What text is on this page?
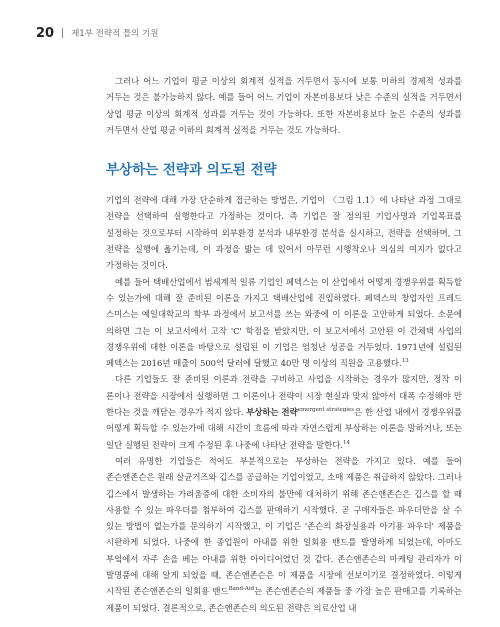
20 제1부 전략적 틀의 기원

그러나 어느 기업이 평균 이상의 회계적 실적을 거두면서 동시에 보통 이하의 경제적 성과를 거두는 것은 불가능하지 않다. 예를 들어 어느 기업이 자본비용보다 낮은 수준의 실적을 거두면서 상업 평균 이상의 회계적 성과를 거두는 것이 가능하다. 또한 자본비용보다 높은 수준의 성과를 거두면서 산업 평균 이하의 회계적 실적을 거두는 것도 가능하다.

부상하는 전략과 의도된 전략

기업의 전략에 대해 가장 단순하게 접근하는 방법은, 기업이 〈그림 1.1〉에 나타난 과정 그대로 전략을 선택하여 실행한다고 가정하는 것이다. 즉 기업은 잘 정의된 기업사명과 기업목표를 설정하는 것으로부터 시작하여 외부환경 분석과 내부환경 분석을 실시하고, 전략을 선택하며, 그 전략을 실행에 옮기는데, 이 과정을 밟는 데 있어서 아무런 시행착오나 의심의 여지가 없다고 가정하는 것이다.

예를 들어 택배산업에서 범세계적 일류 기업인 페덱스는 이 산업에서 어떻게 경쟁우위를 획득할 수 있는가에 대해 잘 준비된 이론을 가지고 택배산업에 진입하였다. 페덱스의 창업자인 프레드 스미스는 예일대학교의 학부 과정에서 보고서를 쓰는 와중에 이 이론을 고안하게 되었다. 소문에 의하면 그는 이 보고서에서 고작 'C' 학점을 받았지만, 이 보고서에서 고안된 이 간체택 사업의 경쟁우위에 대한 이론을 바탕으로 설립된 이 기업은 엄청난 성공을 거두었다. 1971년에 설립된 페덱스는 2016년 매출이 500억 달러에 달했고 40만 명 이상의 직원을 고용했다.$^{13}$

다른 기업들도 잘 준비된 이론과 전략을 구비하고 사업을 시작하는 경우가 많지만, 정작 이 론이나 전략을 시장에서 실행하면 그 이론이나 전략이 시장 현실과 맞지 않아서 대폭 수정해야 만 한다는 것을 깨닫는 경우가 적지 않다. 부상하는 전략$^{emergent strategies}$은 한 산업 내에서 경쟁우위를 어떻게 획득할 수 있는가에 대해 시간이 흐름에 따라 자연스럽게 부상하는 이론을 말하거나, 또는 일단 실행된 전략이 크게 수정된 후 나중에 나타난 전략을 말한다.$^{14}$

여러 유명한 기업들은 적어도 부분적으로는 부상하는 전략을 가지고 있다. 예를 들어 존슨앤존슨은 원래 살균거즈와 깁스를 공급하는 기업이었고, 소매 제품은 취급하지 않았다. 그러나 깁스에서 발생하는 가려움증에 대한 소비자의 불만에 대처하기 위해 존슨앤존슨은 깁스를 할 때 사용할 수 있는 파우더를 첨부하여 깁스를 판매하기 시작했다. 곧 구매자들은 파우더만을 살 수 있는 방법이 없는가를 문의하기 시작했고, 이 기업은 '존슨의 화장실용과 아기용 파우더' 제품을 시판하게 되었다. 나중에 한 종업원이 아내를 위한 일회용 밴드를 발명하게 되었는데, 아마도 부엌에서 자주 손을 베는 아내를 위한 아이디어였던 것 같다. 존슨앤존슨의 마케팅 관리자가 이 발명품에 대해 알게 되었을 때, 존슨앤존슨은 이 제품을 시장에 선보이기로 결정하였다. 이렇게 시작된 존슨앤존슨의 일회용 밴드$^{Band-Aid}$는 존슨앤존슨의 제품들 중 가장 높은 판매고를 기록하는 제품이 되었다. 결론적으로, 존슨앤존슨의 의도된 전략은 의료산업 내
